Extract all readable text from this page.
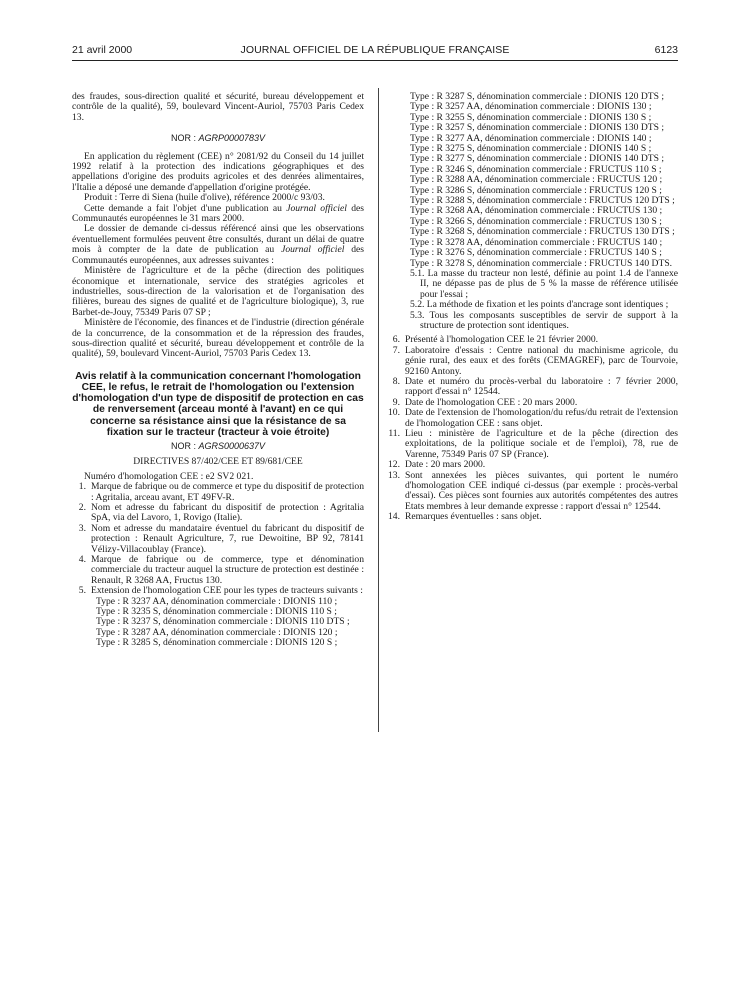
21 avril 2000	JOURNAL OFFICIEL DE LA RÉPUBLIQUE FRANÇAISE	6123

des fraudes, sous-direction qualité et sécurité, bureau développement et contrôle de la qualité), 59, boulevard Vincent-Auriol, 75703 Paris Cedex 13.

NOR : AGRP0000783V

En application du règlement (CEE) n° 2081/92 du Conseil du 14 juillet 1992 relatif à la protection des indications géographiques et des appellations d'origine des produits agricoles et des denrées alimentaires, l'Italie a déposé une demande d'appellation d'origine protégée.

Produit : Terre di Siena (huile d'olive), référence 2000/c 93/03.

Cette demande a fait l'objet d'une publication au Journal officiel des Communautés européennes le 31 mars 2000.

Le dossier de demande ci-dessus référencé ainsi que les observations éventuellement formulées peuvent être consultés, durant un délai de quatre mois à compter de la date de publication au Journal officiel des Communautés européennes, aux adresses suivantes :

Ministère de l'agriculture et de la pêche (direction des politiques économique et internationale, service des stratégies agricoles et industrielles, sous-direction de la valorisation et de l'organisation des filières, bureau des signes de qualité et de l'agriculture biologique), 3, rue Barbet-de-Jouy, 75349 Paris 07 SP ;

Ministère de l'économie, des finances et de l'industrie (direction générale de la concurrence, de la consommation et de la répression des fraudes, sous-direction qualité et sécurité, bureau développement et contrôle de la qualité), 59, boulevard Vincent-Auriol, 75703 Paris Cedex 13.

Avis relatif à la communication concernant l'homologation CEE, le refus, le retrait de l'homologation ou l'extension d'homologation d'un type de dispositif de protection en cas de renversement (arceau monté à l'avant) en ce qui concerne sa résistance ainsi que la résistance de sa fixation sur le tracteur (tracteur à voie étroite)
NOR : AGRS0000637V

DIRECTIVES 87/402/CEE ET 89/681/CEE

Numéro d'homologation CEE : e2 SV2 021.

1. Marque de fabrique ou de commerce et type du dispositif de protection : Agritalia, arceau avant, ET 49FV-R.
2. Nom et adresse du fabricant du dispositif de protection : Agritalia SpA, via del Lavoro, 1, Rovigo (Italie).
3. Nom et adresse du mandataire éventuel du fabricant du dispositif de protection : Renault Agriculture, 7, rue Dewoitine, BP 92, 78141 Vélizy-Villacoublay (France).
4. Marque de fabrique ou de commerce, type et dénomination commerciale du tracteur auquel la structure de protection est destinée : Renault, R 3268 AA, Fructus 130.
5. Extension de l'homologation CEE pour les types de tracteurs suivants :

Type : R 3237 AA, dénomination commerciale : DIONIS 110 ;

Type : R 3235 S, dénomination commerciale : DIONIS 110 S ;

Type : R 3237 S, dénomination commerciale : DIONIS 110 DTS ;

Type : R 3287 AA, dénomination commerciale : DIONIS 120 ;

Type : R 3285 S, dénomination commerciale : DIONIS 120 S ;

Type : R 3287 S, dénomination commerciale : DIONIS 120 DTS ;

Type : R 3257 AA, dénomination commerciale : DIONIS 130 ;

Type : R 3255 S, dénomination commerciale : DIONIS 130 S ;

Type : R 3257 S, dénomination commerciale : DIONIS 130 DTS ;

Type : R 3277 AA, dénomination commerciale : DIONIS 140 ;

Type : R 3275 S, dénomination commerciale : DIONIS 140 S ;

Type : R 3277 S, dénomination commerciale : DIONIS 140 DTS ;

Type : R 3246 S, dénomination commerciale : FRUCTUS 110 S ;

Type : R 3288 AA, dénomination commerciale : FRUCTUS 120 ;

Type : R 3286 S, dénomination commerciale : FRUCTUS 120 S ;

Type : R 3288 S, dénomination commerciale : FRUCTUS 120 DTS ;

Type : R 3268 AA, dénomination commerciale : FRUCTUS 130 ;

Type : R 3266 S, dénomination commerciale : FRUCTUS 130 S ;

Type : R 3268 S, dénomination commerciale : FRUCTUS 130 DTS ;

Type : R 3278 AA, dénomination commerciale : FRUCTUS 140 ;

Type : R 3276 S, dénomination commerciale : FRUCTUS 140 S ;

Type : R 3278 S, dénomination commerciale : FRUCTUS 140 DTS.

5.1. La masse du tracteur non lesté, définie au point 1.4 de l'annexe II, ne dépasse pas de plus de 5 % la masse de référence utilisée pour l'essai ;

5.2. La méthode de fixation et les points d'ancrage sont identiques ;

5.3. Tous les composants susceptibles de servir de support à la structure de protection sont identiques.

6. Présenté à l'homologation CEE le 21 février 2000.
7. Laboratoire d'essais : Centre national du machinisme agricole, du génie rural, des eaux et des forêts (CEMAGREF), parc de Tourvoie, 92160 Antony.
8. Date et numéro du procès-verbal du laboratoire : 7 février 2000, rapport d'essai n° 12544.
9. Date de l'homologation CEE : 20 mars 2000.
10. Date de l'extension de l'homologation/du refus/du retrait de l'extension de l'homologation CEE : sans objet.
11. Lieu : ministère de l'agriculture et de la pêche (direction des exploitations, de la politique sociale et de l'emploi), 78, rue de Varenne, 75349 Paris 07 SP (France).
12. Date : 20 mars 2000.
13. Sont annexées les pièces suivantes, qui portent le numéro d'homologation CEE indiqué ci-dessus (par exemple : procès-verbal d'essai). Ces pièces sont fournies aux autorités compétentes des autres Etats membres à leur demande expresse : rapport d'essai n° 12544.
14. Remarques éventuelles : sans objet.
